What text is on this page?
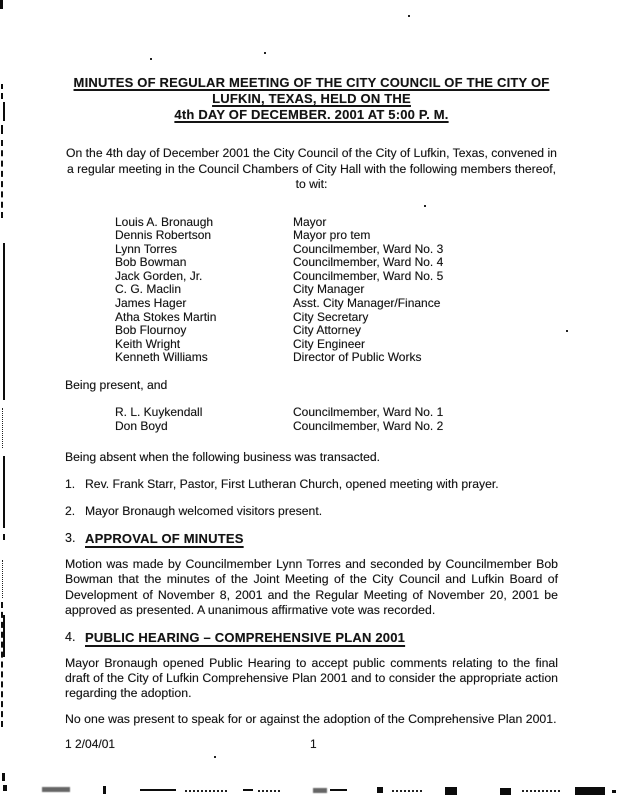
MINUTES OF REGULAR MEETING OF THE CITY COUNCIL OF THE CITY OF
LUFKIN, TEXAS, HELD ON THE
4th DAY OF DECEMBER. 2001 AT 5:00 P. M.

On the 4th day of December 2001 the City Council of the City of Lufkin, Texas, convened in a regular meeting in the Council Chambers of City Hall with the following members thereof, to wit:

Louis A. Bronaugh	Mayor
Dennis Robertson	Mayor pro tem
Lynn Torres	Councilmember, Ward No. 3
Bob Bowman	Councilmember, Ward No. 4
Jack Gorden, Jr.	Councilmember, Ward No. 5
C. G. Maclin	City Manager
James Hager	Asst. City Manager/Finance
Atha Stokes Martin	City Secretary
Bob Flournoy	City Attorney
Keith Wright	City Engineer
Kenneth Williams	Director of Public Works

Being present, and

R. L. Kuykendall	Councilmember, Ward No. 1
Don Boyd	Councilmember, Ward No. 2

Being absent when the following business was transacted.

1. Rev. Frank Starr, Pastor, First Lutheran Church, opened meeting with prayer.
2. Mayor Bronaugh welcomed visitors present.
3. APPROVAL OF MINUTES

Motion was made by Councilmember Lynn Torres and seconded by Councilmember Bob Bowman that the minutes of the Joint Meeting of the City Council and Lufkin Board of Development of November 8, 2001 and the Regular Meeting of November 20, 2001 be approved as presented. A unanimous affirmative vote was recorded.

4. PUBLIC HEARING – COMPREHENSIVE PLAN 2001

Mayor Bronaugh opened Public Hearing to accept public comments relating to the final draft of the City of Lufkin Comprehensive Plan 2001 and to consider the appropriate action regarding the adoption.

No one was present to speak for or against the adoption of the Comprehensive Plan 2001.

1 2/04/01	1
